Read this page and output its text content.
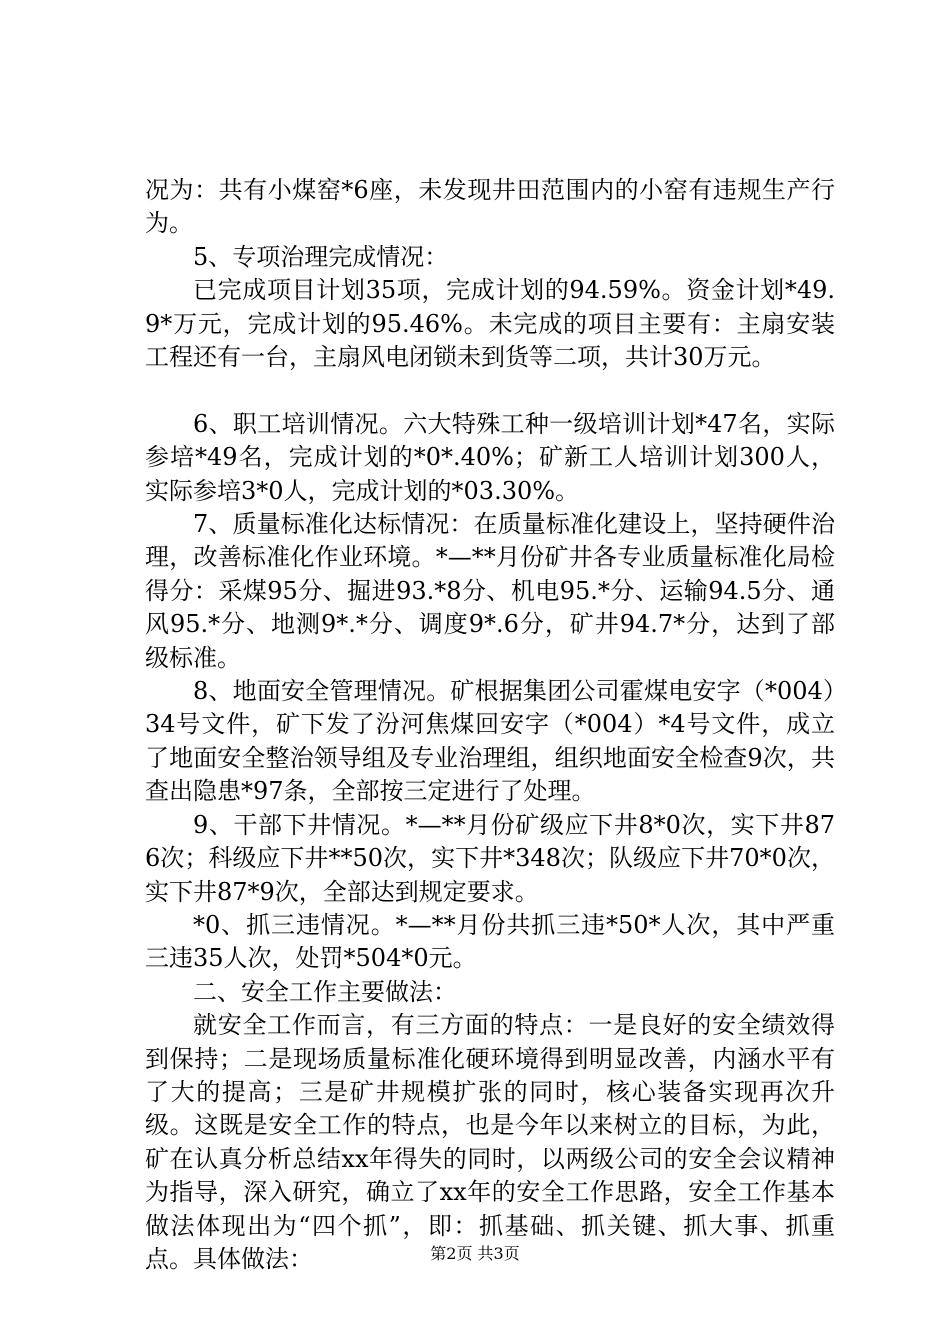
况为：共有小煤窑*6座，未发现井田范围内的小窑有违规生产行为。

5、专项治理完成情况：

已完成项目计划35项，完成计划的94.59%。资金计划*49.9*万元，完成计划的95.46%。未完成的项目主要有：主扇安装工程还有一台，主扇风电闭锁未到货等二项，共计30万元。

6、职工培训情况。六大特殊工种一级培训计划*47名，实际参培*49名，完成计划的*0*.40%；矿新工人培训计划300人，实际参培3*0人，完成计划的*03.30%。

7、质量标准化达标情况：在质量标准化建设上，坚持硬件治理，改善标准化作业环境。*—**月份矿井各专业质量标准化局检得分：采煤95分、掘进93.*8分、机电95.*分、运输94.5分、通风95.*分、地测9*.*分、调度9*.6分，矿井94.7*分，达到了部级标准。

8、地面安全管理情况。矿根据集团公司霍煤电安字（*004）34号文件，矿下发了汾河焦煤回安字（*004）*4号文件，成立了地面安全整治领导组及专业治理组，组织地面安全检查9次，共查出隐患*97条，全部按三定进行了处理。

9、干部下井情况。*—**月份矿级应下井8*0次，实下井876次；科级应下井**50次，实下井*348次；队级应下井70*0次，实下井87*9次，全部达到规定要求。

*0、抓三违情况。*—**月份共抓三违*50*人次，其中严重三违35人次，处罚*504*0元。

二、安全工作主要做法：

就安全工作而言，有三方面的特点：一是良好的安全绩效得到保持；二是现场质量标准化硬环境得到明显改善，内涵水平有了大的提高；三是矿井规模扩张的同时，核心装备实现再次升级。这既是安全工作的特点，也是今年以来树立的目标，为此，矿在认真分析总结xx年得失的同时，以两级公司的安全会议精神为指导，深入研究，确立了xx年的安全工作思路，安全工作基本做法体现出为“四个抓”，即：抓基础、抓关键、抓大事、抓重点。具体做法：	第2页 共3页
